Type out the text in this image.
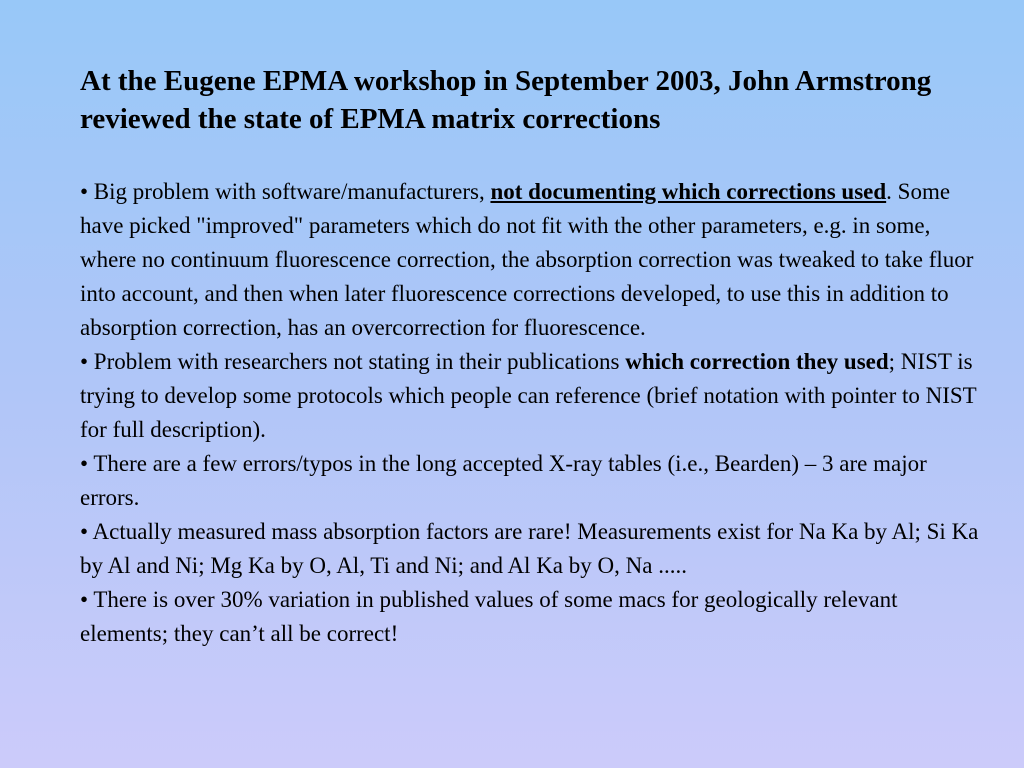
At the Eugene EPMA workshop in September 2003, John Armstrong reviewed the state of EPMA matrix corrections

• Big problem with software/manufacturers, not documenting which corrections used. Some have picked "improved" parameters which do not fit with the other parameters, e.g. in some, where no continuum fluorescence correction, the absorption correction was tweaked to take fluor into account, and then when later fluorescence corrections developed, to use this in addition to absorption correction, has an overcorrection for fluorescence.

• Problem with researchers not stating in their publications which correction they used; NIST is trying to develop some protocols which people can reference (brief notation with pointer to NIST for full description).

• There are a few errors/typos in the long accepted X-ray tables (i.e., Bearden) – 3 are major errors.

• Actually measured mass absorption factors are rare! Measurements exist for Na Ka by Al; Si Ka by Al and Ni; Mg Ka by O, Al, Ti and Ni; and Al Ka by O, Na .....

• There is over 30% variation in published values of some macs for geologically relevant elements; they can’t all be correct!
